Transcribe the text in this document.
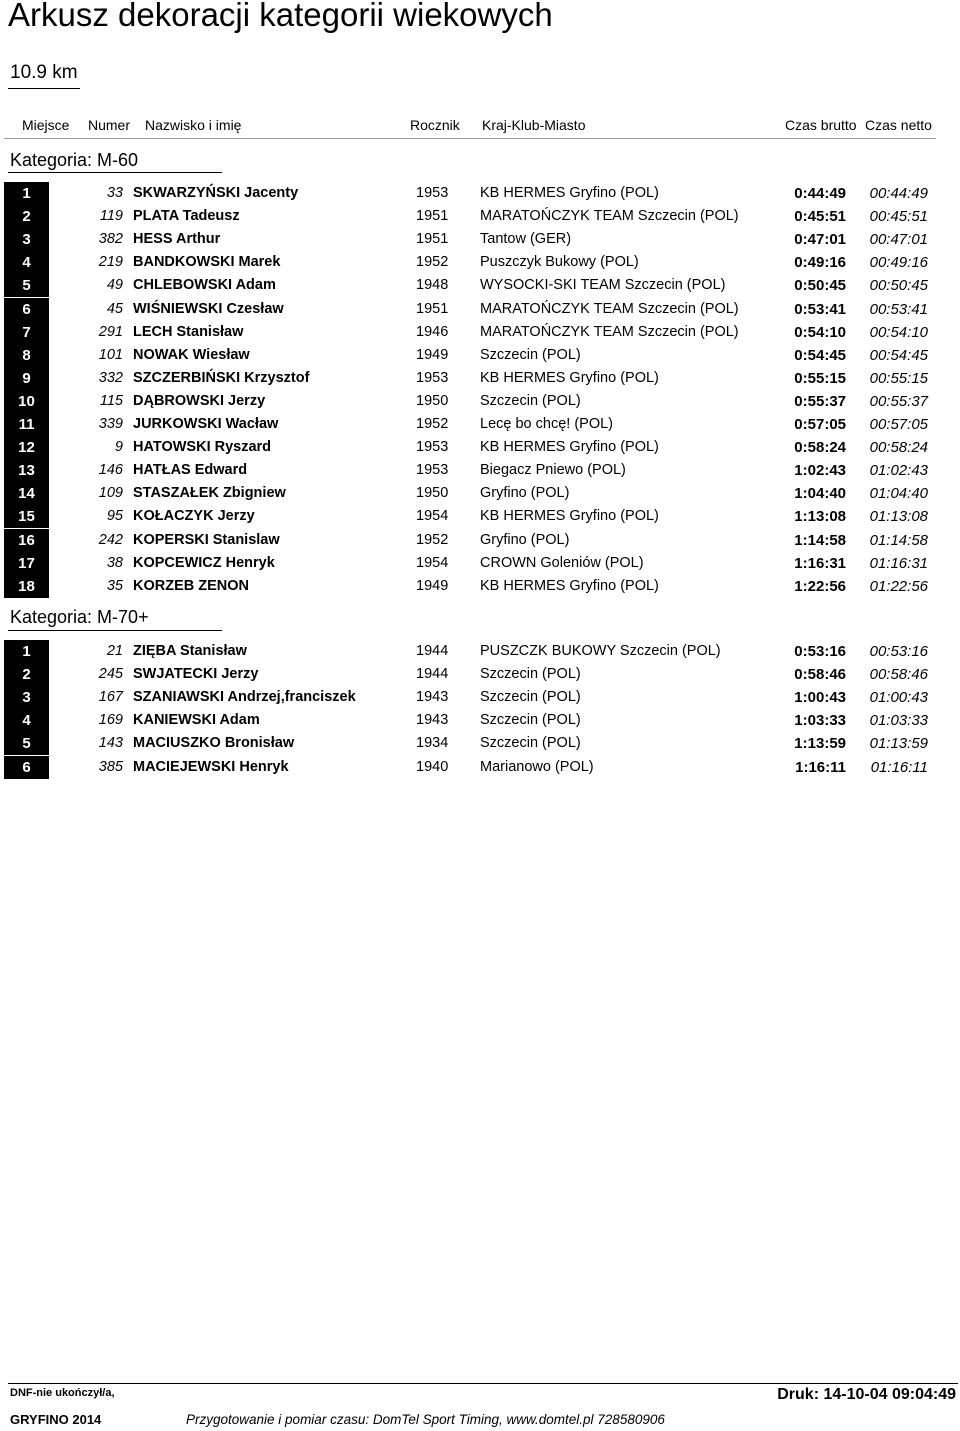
Arkusz dekoracji kategorii wiekowych
10.9 km
Miejsce Numer Nazwisko i imię	Rocznik Kraj-Klub-Miasto	Czas brutto Czas netto
Kategoria: M-60
1	33 SKWARZYŃSKI Jacenty	1953 KB HERMES Gryfino (POL)	0:44:49	00:44:49
2	119 PLATA Tadeusz	1951 MARATOŃCZYK TEAM Szczecin (POL)	0:45:51	00:45:51
3	382 HESS Arthur	1951 Tantow (GER)	0:47:01	00:47:01
4	219 BANDKOWSKI Marek	1952 Puszczyk Bukowy (POL)	0:49:16	00:49:16
5	49 CHLEBOWSKI Adam	1948 WYSOCKI-SKI TEAM Szczecin (POL)	0:50:45	00:50:45
6	45 WIŚNIEWSKI Czesław	1951 MARATOŃCZYK TEAM Szczecin (POL)	0:53:41	00:53:41
7	291 LECH Stanisław	1946 MARATOŃCZYK TEAM Szczecin (POL)	0:54:10	00:54:10
8	101 NOWAK Wiesław	1949 Szczecin (POL)	0:54:45	00:54:45
9	332 SZCZERBIŃSKI Krzysztof	1953 KB HERMES Gryfino (POL)	0:55:15	00:55:15
10	115 DĄBROWSKI Jerzy	1950 Szczecin (POL)	0:55:37	00:55:37
11	339 JURKOWSKI Wacław	1952 Lecę bo chcę! (POL)	0:57:05	00:57:05
12	9 HATOWSKI Ryszard	1953 KB HERMES Gryfino (POL)	0:58:24	00:58:24
13	146 HATŁAS Edward	1953 Biegacz Pniewo (POL)	1:02:43	01:02:43
14	109 STASZAŁEK Zbigniew	1950 Gryfino (POL)	1:04:40	01:04:40
15	95 KOŁACZYK Jerzy	1954 KB HERMES Gryfino (POL)	1:13:08	01:13:08
16	242 KOPERSKI Stanislaw	1952 Gryfino (POL)	1:14:58	01:14:58
17	38 KOPCEWICZ Henryk	1954 CROWN Goleniów (POL)	1:16:31	01:16:31
18	35 KORZEB ZENON	1949 KB HERMES Gryfino (POL)	1:22:56	01:22:56
Kategoria: M-70+
1	21 ZIĘBA Stanisław	1944 PUSZCZK BUKOWY Szczecin (POL)	0:53:16	00:53:16
2	245 SWJATECKI Jerzy	1944 Szczecin (POL)	0:58:46	00:58:46
3	167 SZANIAWSKI Andrzej,franciszek	1943 Szczecin (POL)	1:00:43	01:00:43
4	169 KANIEWSKI Adam	1943 Szczecin (POL)	1:03:33	01:03:33
5	143 MACIUSZKO Bronisław	1934 Szczecin (POL)	1:13:59	01:13:59
6	385 MACIEJEWSKI Henryk	1940 Marianowo (POL)	1:16:11	01:16:11
DNF-nie ukończył/a,	Druk: 14-10-04 09:04:49
GRYFINO 2014	Przygotowanie i pomiar czasu: DomTel Sport Timing, www.domtel.pl 728580906
